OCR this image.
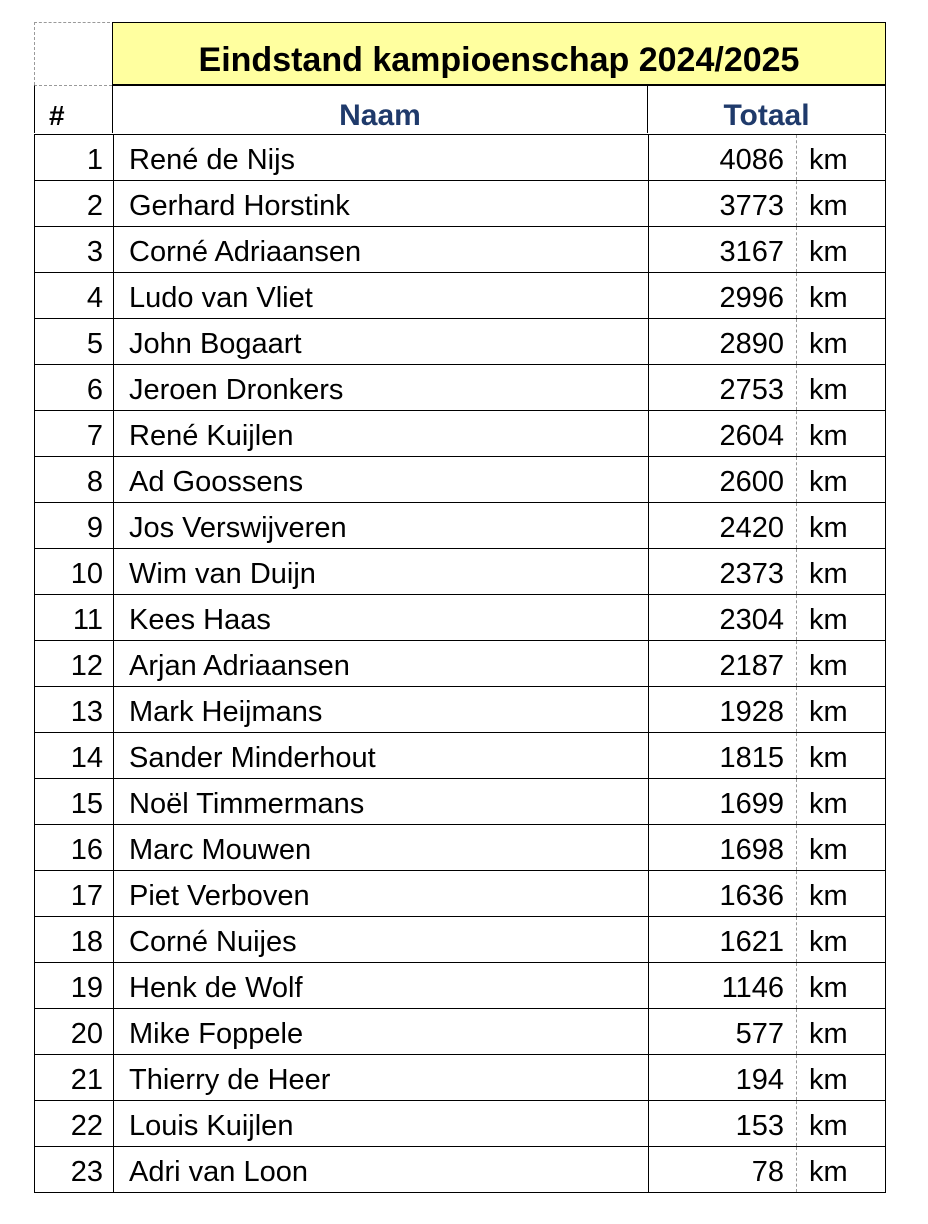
Eindstand kampioenschap 2024/2025
#	Naam	Totaal
1 René de Nijs	4086 km
2 Gerhard Horstink	3773 km
3 Corné Adriaansen	3167 km
4 Ludo van Vliet	2996 km
5 John Bogaart	2890 km
6 Jeroen Dronkers	2753 km
7 René Kuijlen	2604 km
8 Ad Goossens	2600 km
9 Jos Verswijveren	2420 km
10 Wim van Duijn	2373 km
11 Kees Haas	2304 km
12 Arjan Adriaansen	2187 km
13 Mark Heijmans	1928 km
14 Sander Minderhout	1815 km
15 Noël Timmermans	1699 km
16 Marc Mouwen	1698 km
17 Piet Verboven	1636 km
18 Corné Nuijes	1621 km
19 Henk de Wolf	1146 km
20 Mike Foppele	577 km
21 Thierry de Heer	194 km
22 Louis Kuijlen	153 km
23 Adri van Loon	78 km
